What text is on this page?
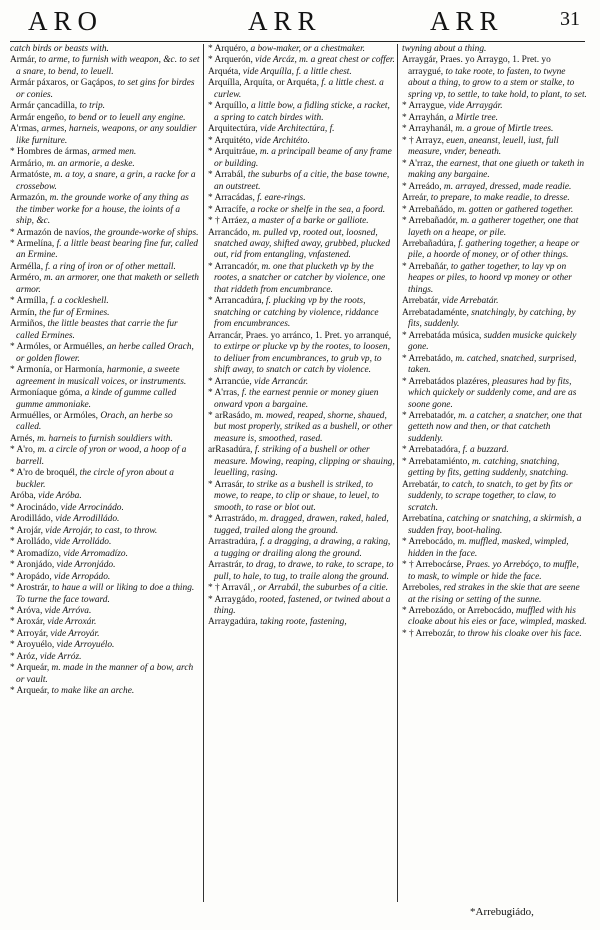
ARO	ARR	ARR	31

catch birds or beasts with.

Armár, to arme, to furnish with weapon, &c. to set a snare, to bend, to leuell.

Armár páxaros, or Gaçápos, to set gins for birdes or conies.

Armár çancadilla, to trip.

Armár engeño, to bend or to leuell any engine.

A'rmas, armes, harneis, weapons, or any souldier like furniture.

* Hombres de ármas, armed men.

Armário, m. an armorie, a deske.

Armatóste, m. a toy, a snare, a grin, a racke for a crossebow.

Armazón, m. the grounde worke of any thing as the timber worke for a house, the ioints of a ship, &c.

* Armazón de navíos, the grounde-worke of ships.

* Armelína, f. a little beast bearing fine fur, called an Ermine.

Arméllа, f. a ring of iron or of other mettall.

Arméro, m. an armorer, one that maketh or selleth armor.

* Armílla, f. a cockleshell.

Armín, the fur of Ermines.

Armiños, the little beastes that carrie the fur called Ermines.

* Armóles, or Armuélles, an herbe called Orach, or golden flower.

* Armonía, or Harmonía, harmonie, a sweete agreement in musicall voices, or instruments.

Armoníaque góma, a kinde of gumme called gumme ammoniake.

Armuélles, or Armóles, Orach, an herbe so called.

Arnés, m. harneis to furnish souldiers with.

* A'ro, m. a circle of yron or wood, a hoop of a barrell.

* A'ro de broquél, the circle of yron about a buckler.

Aróba, vide Aróba.

* Arocinádo, vide Arrocinádo.

Arodilládo, vide Arrodilládo.

* Arojár, vide Arrojár, to cast, to throw.

* Arolládo, vide Arrolládo.

* Aromadízo, vide Arromadízo.

* Aronjádo, vide Arronjádo.

* Aropádo, vide Arropádo.

* Arostrár, to haue a will or liking to doe a thing. To turne the face toward.

* Aróva, vide Arróva.

* Aroxár, vide Arroxár.

* Arroyár, vide Arroyár.

* Aroyuélo, vide Arroyuélo.

* Aróz, vide Arróz.

* Arqueár, m. made in the manner of a bow, arch or vault.

* Arqueár, to make like an arche.

* Arquéro, a bow-maker, or a chestmaker.

* Arquerón, vide Arcáz, m. a great chest or coffer.

Arquéta, vide Arquílla, f. a little chest.

Arquílla, Arquíta, or Arquéta, f. a little chest. a curlew.

* Arquíllo, a little bow, a fidling sticke, a racket, a spring to catch birdes with.

Arquitectúra, vide Architectúra, f.

* Arquitéto, vide Architéto.

* Arquitráue, m. a principall beame of any frame or building.

* Arrabál, the suburbs of a citie, the base towne, an outstreet.

* Arracádas, f. eare-rings.

* Arracífe, a rocke or shelfe in the sea, a foord.

* † Arráez, a master of a barke or galliote.

Arrancádo, m. pulled vp, rooted out, loosned, snatched away, shifted away, grubbed, plucked out, rid from entangling, vnfastened.

* Arrancadór, m. one that plucketh vp by the rootes, a snatcher or catcher by violence, one that riddeth from encumbrance.

* Arrancadúra, f. plucking vp by the roots, snatching or catching by violence, riddance from encumbrances.

Arrancár, Praes. yo arránco, 1. Pret. yo arranqué, to extirpe or plucke vp by the rootes, to loosen, to deliuer from encumbrances, to grub vp, to shift away, to snatch or catch by violence.

* Arrancúe, vide Arrancár.

* A'rras, f. the earnest pennie or money giuen onward vpon a bargaine.

* arRasádo, m. mowed, reaped, shorne, shaued, but most properly, striked as a bushell, or other measure is, smoothed, rased.

arRasadúra, f. striking of a bushell or other measure. Mowing, reaping, clipping or shauing, leuelling, rasing.

* Arrasár, to strike as a bushell is striked, to mowe, to reape, to clip or shaue, to leuel, to smooth, to rase or blot out.

* Arrastrádo, m. dragged, drawen, raked, haled, tugged, trailed along the ground.

Arrastradúra, f. a dragging, a drawing, a raking, a tugging or drailing along the ground.

Arrastrár, to drag, to drawe, to rake, to scrape, to pull, to hale, to tug, to traile along the ground.

* † Arraválˌ, or Arrabál, the suburbes of a citie.

* Arraygádo, rooted, fastened, or twined about a thing.

Arraygadúra, taking roote, fastening,

twyning about a thing.

Arraygár, Praes. yo Arraygo, 1. Pret. yo arraygué, to take roote, to fasten, to twyne about a thing, to grow to a stem or stalke, to spring vp, to settle, to take hold, to plant, to set.

* Arraygue, vide Arraygár.

* Arrayhán, a Mirtle tree.

* Arrayhanál, m. a groue of Mirtle trees.

* † Arrayz, euen, aneanst, leuell, iust, full measure, vnder, beneath.

* A'rraz, the earnest, that one giueth or taketh in making any bargaine.

* Arreádo, m. arrayed, dressed, made readie.

Arreár, to prepare, to make readie, to dresse.

* Arrebañádo, m. gotten or gathered together.

* Arrebañadór, m. a gatherer together, one that layeth on a heape, or pile.

Arrebañadúra, f. gathering together, a heape or pile, a hoorde of money, or of other things.

* Arrebañár, to gather together, to lay vp on heapes or piles, to hoord vp money or other things.

Arrebatár, vide Arrebatár.

Arrebatadaménte, snatchingly, by catching, by fits, suddenly.

* Arrebatáda música, sudden musicke quickely gone.

* Arrebatádo, m. catched, snatched, surprised, taken.

* Arrebatádos plazéres, pleasures had by fits, which quickely or suddenly come, and are as soone gone.

* Arrebatadór, m. a catcher, a snatcher, one that getteth now and then, or that catcheth suddenly.

* Arrebatadóra, f. a buzzard.

* Arrebatamiénto, m. catching, snatching, getting by fits, getting suddenly, snatching.

Arrebatár, to catch, to snatch, to get by fits or suddenly, to scrape together, to claw, to scratch.

Arrebatína, catching or snatching, a skirmish, a sudden fray, boot-haling.

* Arrebocádo, m. muffled, masked, wimpled, hidden in the face.

* † Arrebocárse, Praes. yo Arrebóço, to muffle, to mask, to wimple or hide the face.

Arreboles, red strakes in the skie that are seene at the rising or setting of the sunne.

* Arrebozádo, or Arrebocádo, muffled with his cloake about his eies or face, wimpled, masked.

* † Arrebozár, to throw his cloake over his face.

*Arrebugiádo,
